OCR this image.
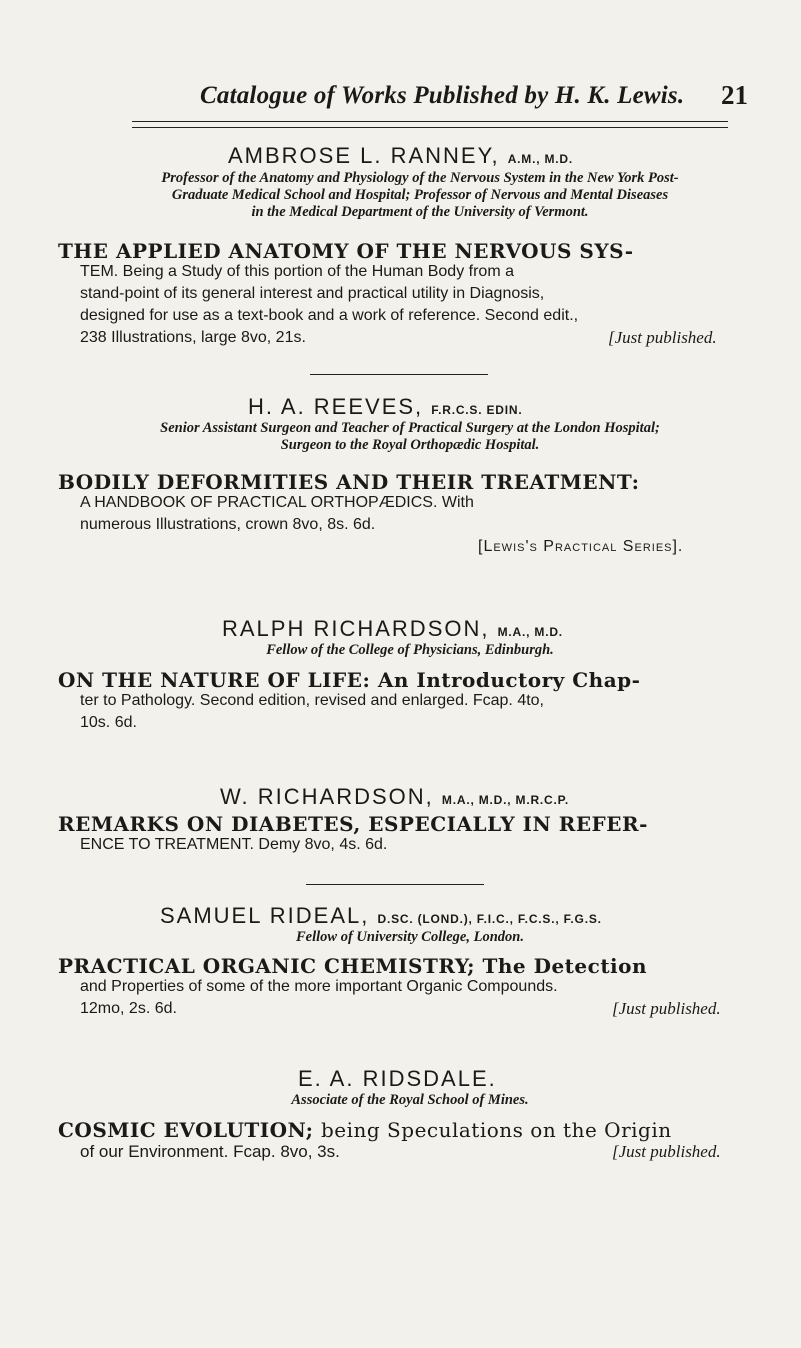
Catalogue of Works Published by H. K. Lewis. 21
AMBROSE L. RANNEY, A.M., M.D.
Professor of the Anatomy and Physiology of the Nervous System in the New York Post-
Graduate Medical School and Hospital; Professor of Nervous and Mental Diseases
in the Medical Department of the University of Vermont.
THE APPLIED ANATOMY OF THE NERVOUS SYS-
TEM. Being a Study of this portion of the Human Body from a
stand-point of its general interest and practical utility in Diagnosis,
designed for use as a text-book and a work of reference. Second edit.,
238 Illustrations, large 8vo, 21s.	[Just published.
H. A. REEVES, F.R.C.S. EDIN.
Senior Assistant Surgeon and Teacher of Practical Surgery at the London Hospital;
Surgeon to the Royal Orthopædic Hospital.
BODILY DEFORMITIES AND THEIR TREATMENT:
A HANDBOOK OF PRACTICAL ORTHOPÆDICS. With
numerous Illustrations, crown 8vo, 8s. 6d.
[Lewis's Practical Series].
RALPH RICHARDSON, M.A., M.D.
Fellow of the College of Physicians, Edinburgh.
ON THE NATURE OF LIFE: An Introductory Chap-
ter to Pathology. Second edition, revised and enlarged. Fcap. 4to,
10s. 6d.
W. RICHARDSON, M.A., M.D., M.R.C.P.
REMARKS ON DIABETES, ESPECIALLY IN REFER-
ENCE TO TREATMENT. Demy 8vo, 4s. 6d.
SAMUEL RIDEAL, D.SC. (LOND.), F.I.C., F.C.S., F.G.S.
Fellow of University College, London.
PRACTICAL ORGANIC CHEMISTRY; The Detection
and Properties of some of the more important Organic Compounds.
12mo, 2s. 6d.	[Just published.
E. A. RIDSDALE.
Associate of the Royal School of Mines.
COSMIC EVOLUTION; being Speculations on the Origin
of our Environment. Fcap. 8vo, 3s.	[Just published.
